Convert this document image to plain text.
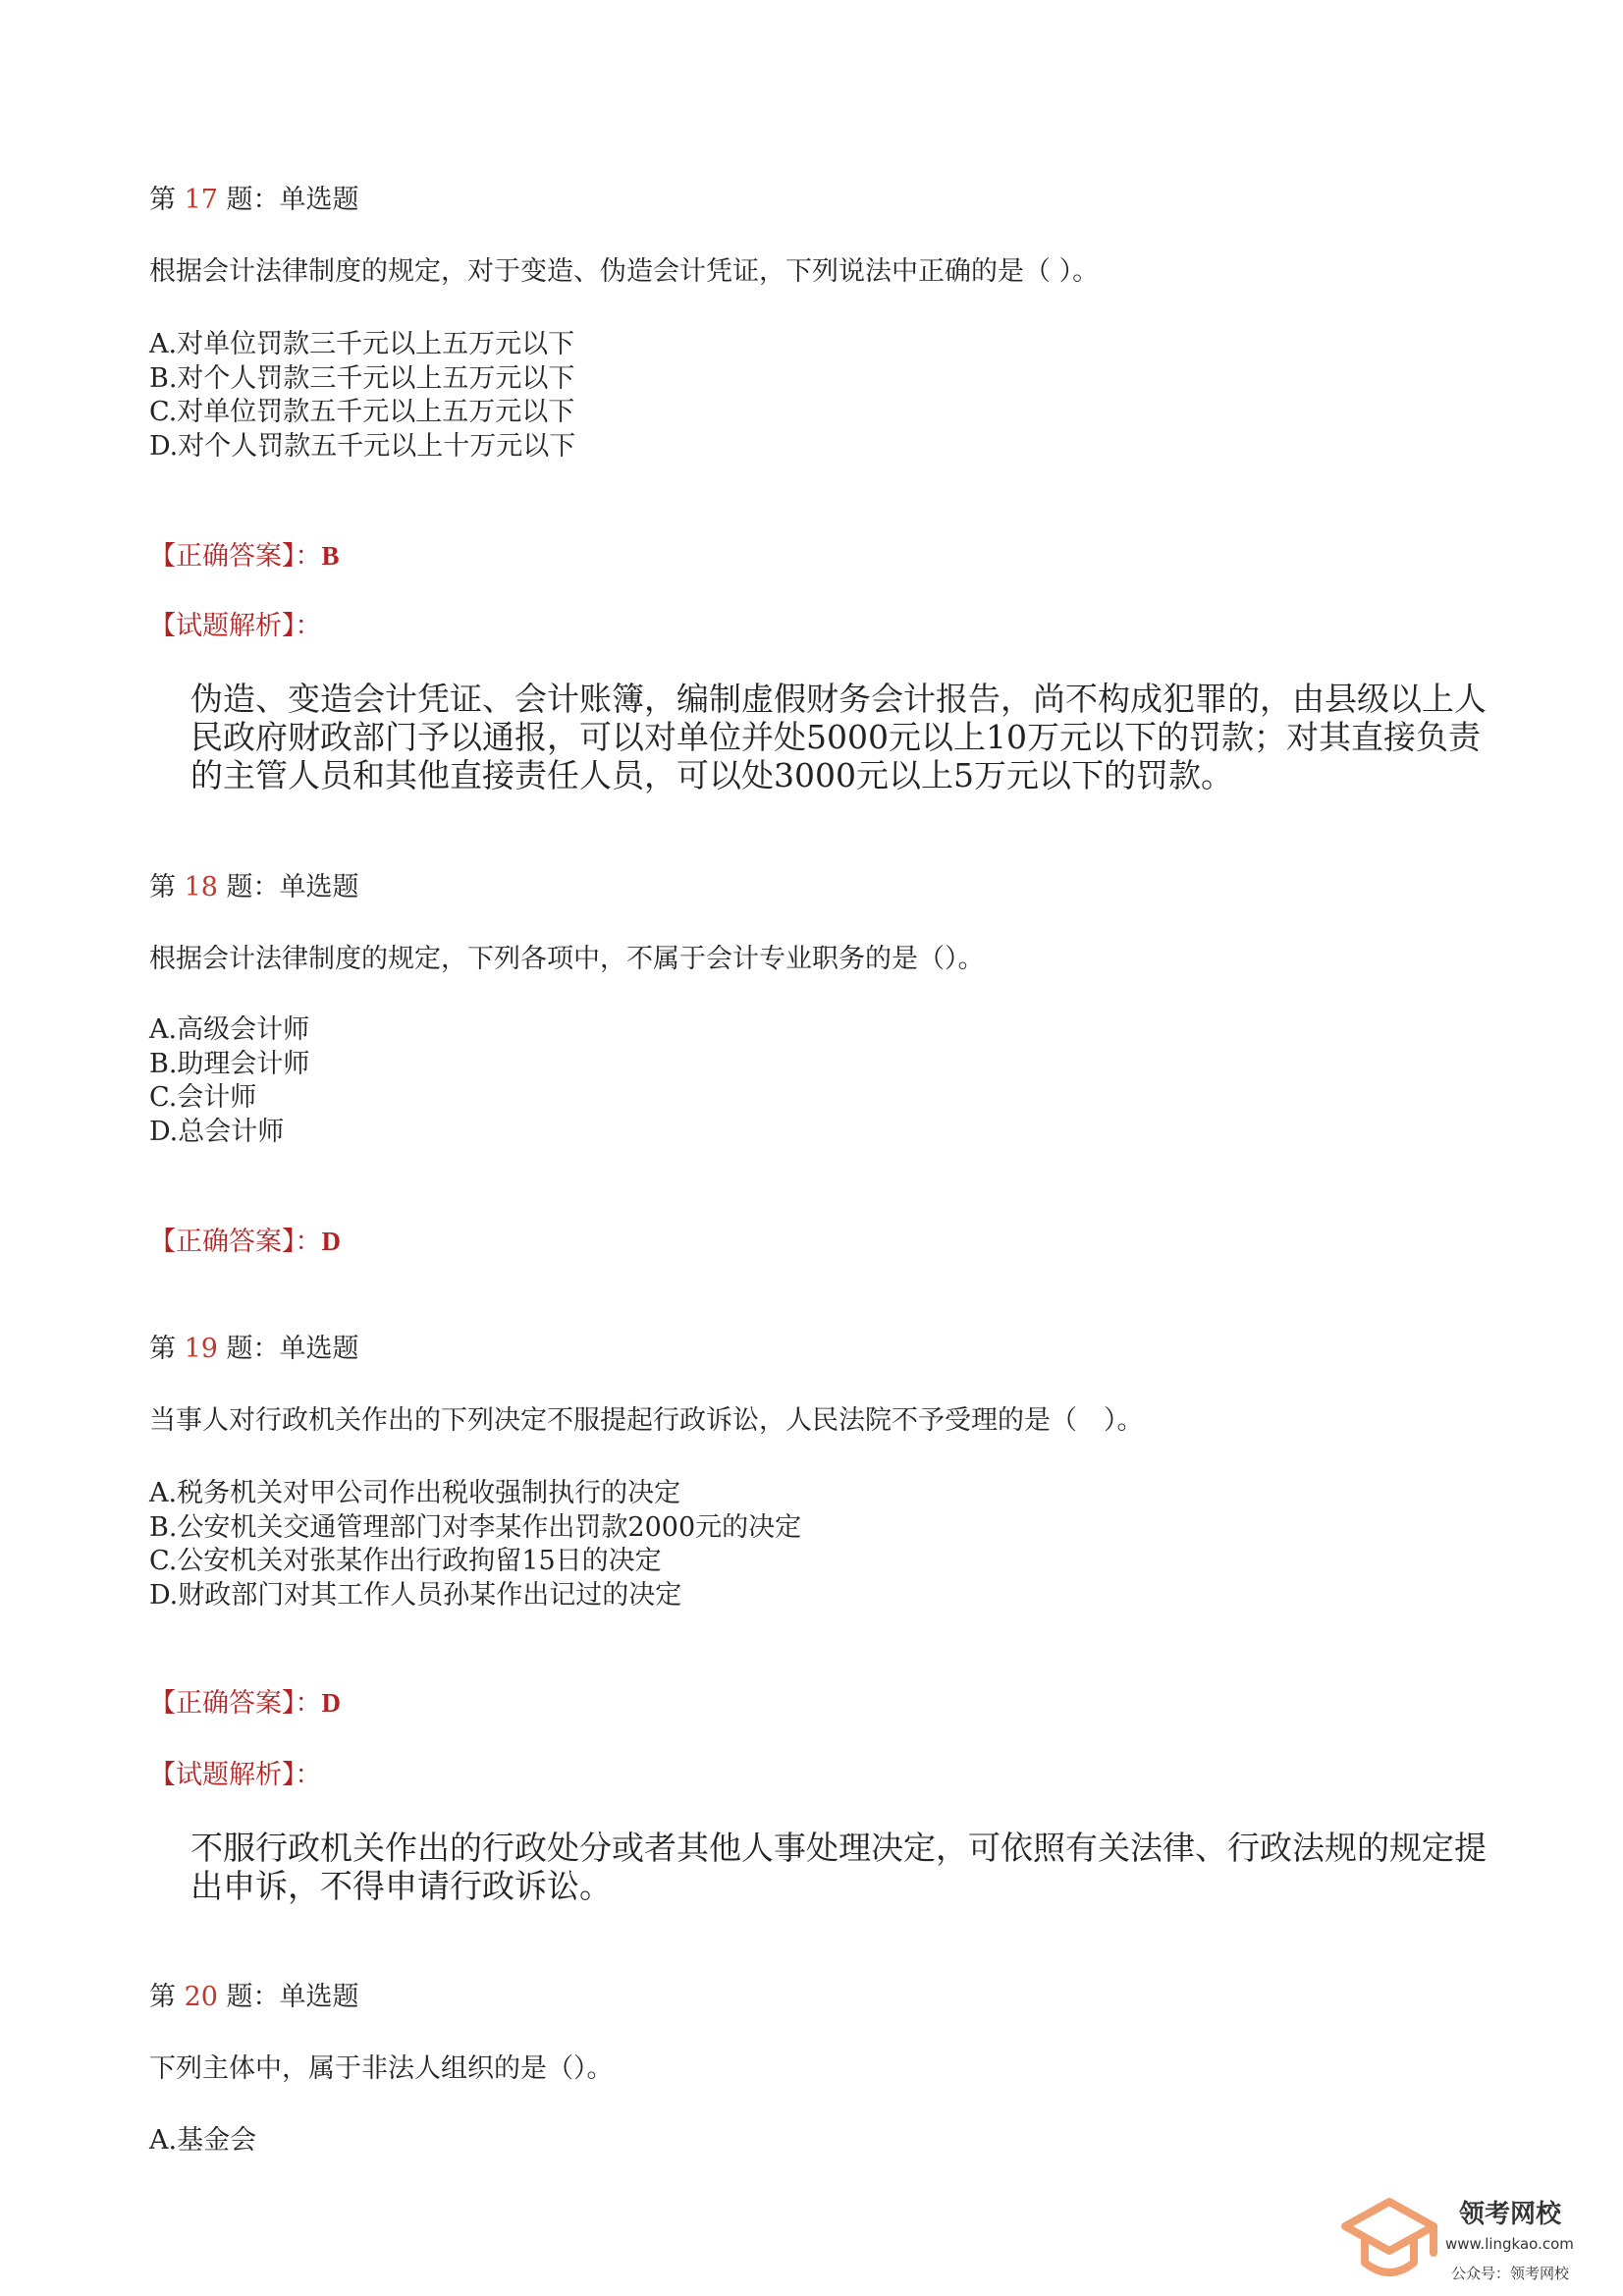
第 17 题：单选题
根据会计法律制度的规定，对于变造、伪造会计凭证，下列说法中正确的是（ ）。
A.对单位罚款三千元以上五万元以下
B.对个人罚款三千元以上五万元以下
C.对单位罚款五千元以上五万元以下
D.对个人罚款五千元以上十万元以下
【正确答案】：B
【试题解析】：
伪造、变造会计凭证、会计账簿，编制虚假财务会计报告，尚不构成犯罪的，由县级以上人民政府财政部门予以通报，可以对单位并处5000元以上10万元以下的罚款；对其直接负责的主管人员和其他直接责任人员，可以处3000元以上5万元以下的罚款。
第 18 题：单选题
根据会计法律制度的规定，下列各项中，不属于会计专业职务的是（）。
A.高级会计师
B.助理会计师
C.会计师
D.总会计师
【正确答案】：D
第 19 题：单选题
当事人对行政机关作出的下列决定不服提起行政诉讼，人民法院不予受理的是（　）。
A.税务机关对甲公司作出税收强制执行的决定
B.公安机关交通管理部门对李某作出罚款2000元的决定
C.公安机关对张某作出行政拘留15日的决定
D.财政部门对其工作人员孙某作出记过的决定
【正确答案】：D
【试题解析】：
不服行政机关作出的行政处分或者其他人事处理决定，可依照有关法律、行政法规的规定提出申诉，不得申请行政诉讼。
第 20 题：单选题
下列主体中，属于非法人组织的是（）。
A.基金会
领考网校
www.lingkao.com
公众号：领考网校
